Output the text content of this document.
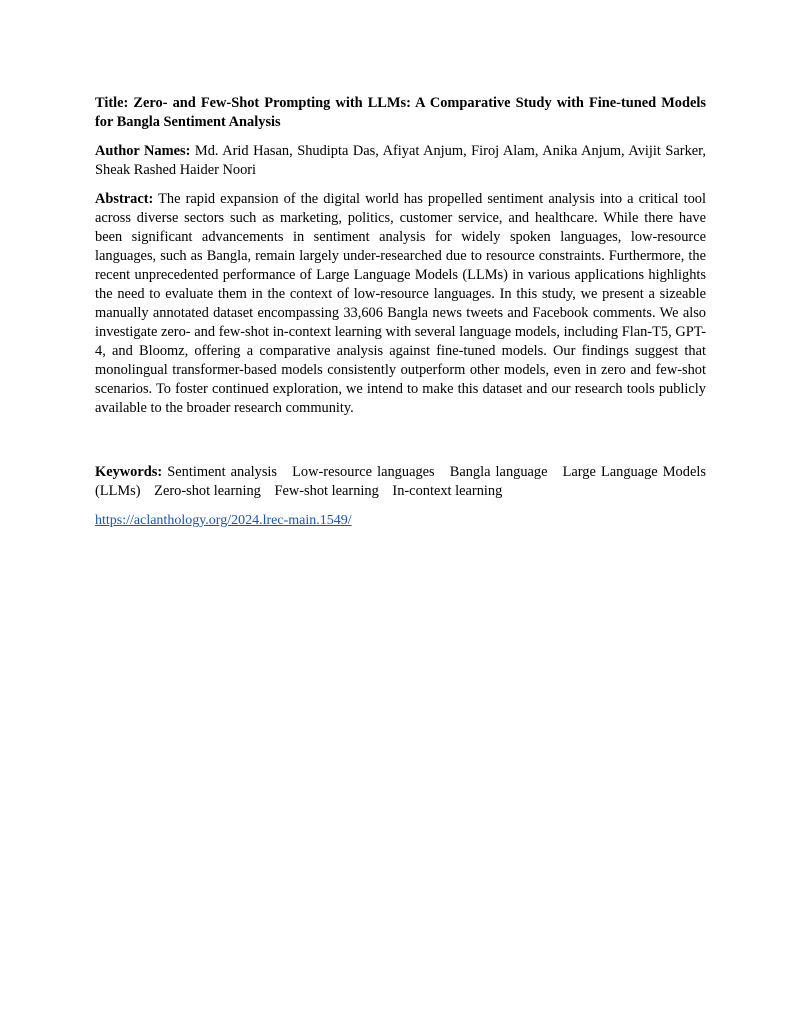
Title: Zero- and Few-Shot Prompting with LLMs: A Comparative Study with Fine-tuned Models for Bangla Sentiment Analysis

Author Names: Md. Arid Hasan, Shudipta Das, Afiyat Anjum, Firoj Alam, Anika Anjum, Avijit Sarker, Sheak Rashed Haider Noori

Abstract: The rapid expansion of the digital world has propelled sentiment analysis into a critical tool across diverse sectors such as marketing, politics, customer service, and healthcare. While there have been significant advancements in sentiment analysis for widely spoken languages, low-resource languages, such as Bangla, remain largely under-researched due to resource constraints. Furthermore, the recent unprecedented performance of Large Language Models (LLMs) in various applications highlights the need to evaluate them in the context of low-resource languages. In this study, we present a sizeable manually annotated dataset encompassing 33,606 Bangla news tweets and Facebook comments. We also investigate zero- and few-shot in-context learning with several language models, including Flan-T5, GPT-4, and Bloomz, offering a comparative analysis against fine-tuned models. Our findings suggest that monolingual transformer-based models consistently outperform other models, even in zero and few-shot scenarios. To foster continued exploration, we intend to make this dataset and our research tools publicly available to the broader research community.

Keywords: Sentiment analysis Low-resource languages Bangla language Large Language Models (LLMs) Zero-shot learning Few-shot learning In-context learning

https://aclanthology.org/2024.lrec-main.1549/
